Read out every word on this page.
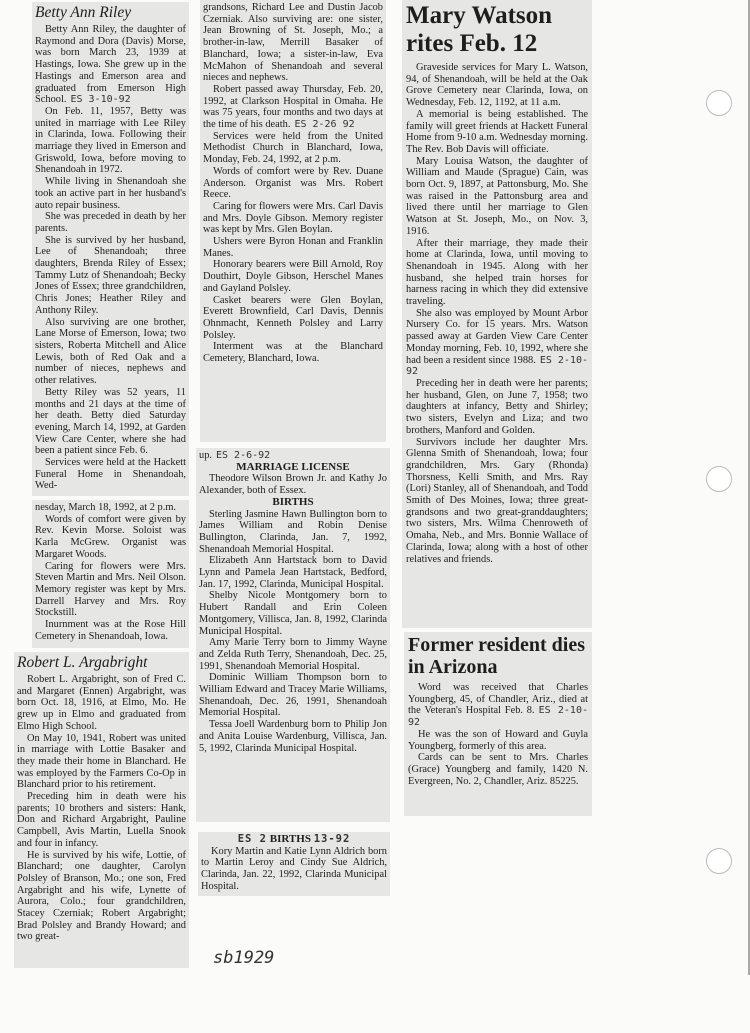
Betty Ann Riley

Betty Ann Riley, the daughter of Raymond and Dora (Davis) Morse, was born March 23, 1939 at Hastings, Iowa. She grew up in the Hastings and Emerson area and graduated from Emerson High School. ES 3-10-92

On Feb. 11, 1957, Betty was united in marriage with Lee Riley in Clarinda, Iowa. Following their marriage they lived in Emerson and Griswold, Iowa, before moving to Shenandoah in 1972.

While living in Shenandoah she took an active part in her husband's auto repair business.

She was preceded in death by her parents.

She is survived by her husband, Lee of Shenandoah; three daughters, Brenda Riley of Essex; Tammy Lutz of Shenandoah; Becky Jones of Essex; three grandchildren, Chris Jones; Heather Riley and Anthony Riley.

Also surviving are one brother, Lane Morse of Emerson, Iowa; two sisters, Roberta Mitchell and Alice Lewis, both of Red Oak and a number of nieces, nephews and other relatives.

Betty Riley was 52 years, 11 months and 21 days at the time of her death. Betty died Saturday evening, March 14, 1992, at Garden View Care Center, where she had been a patient since Feb. 6.

Services were held at the Hackett Funeral Home in Shenandoah, Wed-

nesday, March 18, 1992, at 2 p.m.

Words of comfort were given by Rev. Kevin Morse. Soloist was Karla McGrew. Organist was Margaret Woods.

Caring for flowers were Mrs. Steven Martin and Mrs. Neil Olson. Memory register was kept by Mrs. Darrell Harvey and Mrs. Roy Stockstill.

Inurnment was at the Rose Hill Cemetery in Shenandoah, Iowa.

Robert L. Argabright

Robert L. Argabright, son of Fred C. and Margaret (Ennen) Argabright, was born Oct. 18, 1916, at Elmo, Mo. He grew up in Elmo and graduated from Elmo High School.

On May 10, 1941, Robert was united in marriage with Lottie Basaker and they made their home in Blanchard. He was employed by the Farmers Co-Op in Blanchard prior to his retirement.

Preceding him in death were his parents; 10 brothers and sisters: Hank, Don and Richard Argabright, Pauline Campbell, Avis Martin, Luella Snook and four in infancy.

He is survived by his wife, Lottie, of Blanchard; one daughter, Carolyn Polsley of Branson, Mo.; one son, Fred Argabright and his wife, Lynette of Aurora, Colo.; four grandchildren, Stacey Czerniak; Robert Argabright; Brad Polsley and Brandy Howard; and two great-

grandsons, Richard Lee and Dustin Jacob Czerniak. Also surviving are: one sister, Jean Browning of St. Joseph, Mo.; a brother-in-law, Merrill Basaker of Blanchard, Iowa; a sister-in-law, Eva McMahon of Shenandoah and several nieces and nephews.

Robert passed away Thursday, Feb. 20, 1992, at Clarkson Hospital in Omaha. He was 75 years, four months and two days at the time of his death. ES 2-26 92

Services were held from the United Methodist Church in Blanchard, Iowa, Monday, Feb. 24, 1992, at 2 p.m.

Words of comfort were by Rev. Duane Anderson. Organist was Mrs. Robert Reece.

Caring for flowers were Mrs. Carl Davis and Mrs. Doyle Gibson. Memory register was kept by Mrs. Glen Boylan.

Ushers were Byron Honan and Franklin Manes.

Honorary bearers were Bill Arnold, Roy Douthirt, Doyle Gibson, Herschel Manes and Gayland Polsley.

Casket bearers were Glen Boylan, Everett Brownfield, Carl Davis, Dennis Ohnmacht, Kenneth Polsley and Larry Polsley.

Interment was at the Blanchard Cemetery, Blanchard, Iowa.

up. ES 2-6-92

MARRIAGE LICENSE

Theodore Wilson Brown Jr. and Kathy Jo Alexander, both of Essex.

BIRTHS

Sterling Jasmine Hawn Bullington born to James William and Robin Denise Bullington, Clarinda, Jan. 7, 1992, Shenandoah Memorial Hospital.

Elizabeth Ann Hartstack born to David Lynn and Pamela Jean Hartstack, Bedford, Jan. 17, 1992, Clarinda, Municipal Hospital.

Shelby Nicole Montgomery born to Hubert Randall and Erin Coleen Montgomery, Villisca, Jan. 8, 1992, Clarinda Municipal Hospital.

Amy Marie Terry born to Jimmy Wayne and Zelda Ruth Terry, Shenandoah, Dec. 25, 1991, Shenandoah Memorial Hospital.

Dominic William Thompson born to William Edward and Tracey Marie Williams, Shenandoah, Dec. 26, 1991, Shenandoah Memorial Hospital.

Tessa Joell Wardenburg born to Philip Jon and Anita Louise Wardenburg, Villisca, Jan. 5, 1992, Clarinda Municipal Hospital.

ES 2 BIRTHS 13-92

Kory Martin and Katie Lynn Aldrich born to Martin Leroy and Cindy Sue Aldrich, Clarinda, Jan. 22, 1992, Clarinda Municipal Hospital.

Mary Watson rites Feb. 12

Graveside services for Mary L. Watson, 94, of Shenandoah, will be held at the Oak Grove Cemetery near Clarinda, Iowa, on Wednesday, Feb. 12, 1192, at 11 a.m.

A memorial is being established. The family will greet friends at Hackett Funeral Home from 9-10 a.m. Wednesday morning. The Rev. Bob Davis will officiate.

Mary Louisa Watson, the daughter of William and Maude (Sprague) Cain, was born Oct. 9, 1897, at Pattonsburg, Mo. She was raised in the Pattonsburg area and lived there until her marriage to Glen Watson at St. Joseph, Mo., on Nov. 3, 1916.

After their marriage, they made their home at Clarinda, Iowa, until moving to Shenandoah in 1945. Along with her husband, she helped train horses for harness racing in which they did extensive traveling.

She also was employed by Mount Arbor Nursery Co. for 15 years. Mrs. Watson passed away at Garden View Care Center Monday morning, Feb. 10, 1992, where she had been a resident since 1988. ES 2-10-92

Preceding her in death were her parents; her husband, Glen, on June 7, 1958; two daughters at infancy, Betty and Shirley; two sisters, Evelyn and Liza; and two brothers, Manford and Golden.

Survivors include her daughter Mrs. Glenna Smith of Shenandoah, Iowa; four grandchildren, Mrs. Gary (Rhonda) Thorsness, Kelli Smith, and Mrs. Ray (Lori) Stanley, all of Shenandoah, and Todd Smith of Des Moines, Iowa; three great-grandsons and two great-granddaughters; two sisters, Mrs. Wilma Chenroweth of Omaha, Neb., and Mrs. Bonnie Wallace of Clarinda, Iowa; along with a host of other relatives and friends.

Former resident dies in Arizona

Word was received that Charles Youngberg, 45, of Chandler, Ariz., died at the Veteran's Hospital Feb. 8. ES 2-10-92

He was the son of Howard and Guyla Youngberg, formerly of this area.

Cards can be sent to Mrs. Charles (Grace) Youngberg and family, 1420 N. Evergreen, No. 2, Chandler, Ariz. 85225.

sb1929
